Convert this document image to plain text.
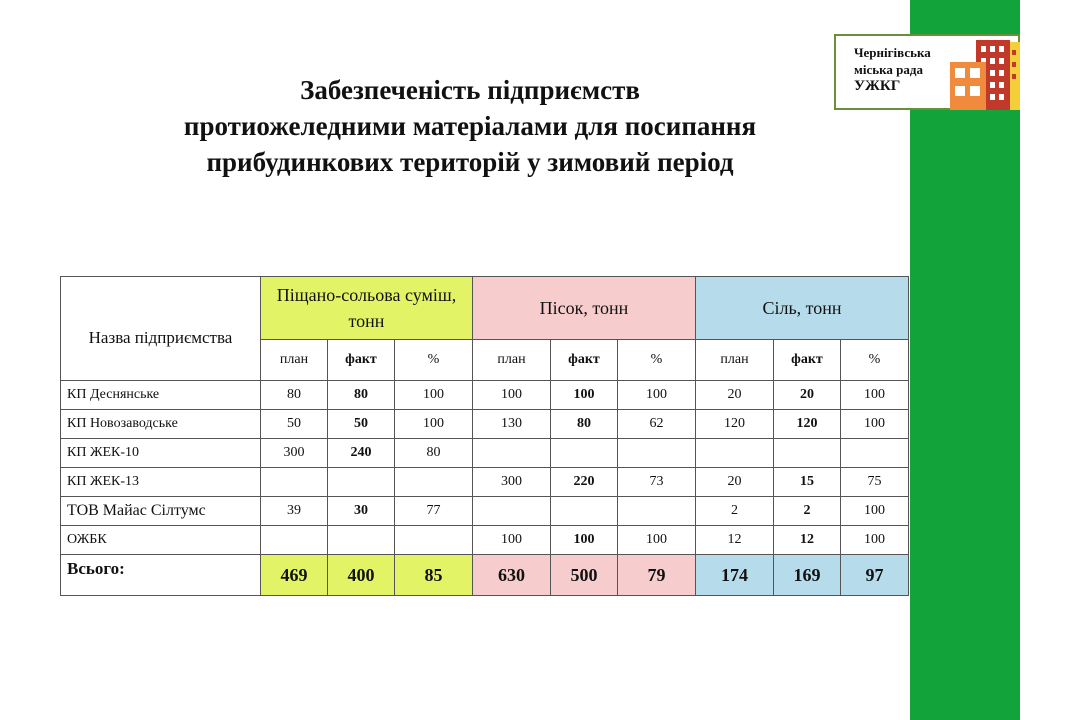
Чернігівська
міська рада
УЖКГ
Забезпеченість підприємств
протиожеледними матеріалами для посипання
прибудинкових територій у зимовий період
Назва підприємства	Піщано-сольова суміш, тонн			Пісок, тонн			Сіль, тонн		
	план	факт	%	план	факт	%	план	факт	%
КП Деснянське	80	80	100	100	100	100	20	20	100
КП Новозаводське	50	50	100	130	80	62	120	120	100
КП ЖЕК-10	300	240	80						
КП ЖЕК-13				300	220	73	20	15	75
ТОВ Майас Сілтумс	39	30	77				2	2	100
ОЖБК				100	100	100	12	12	100
Всього:	469	400	85	630	500	79	174	169	97
